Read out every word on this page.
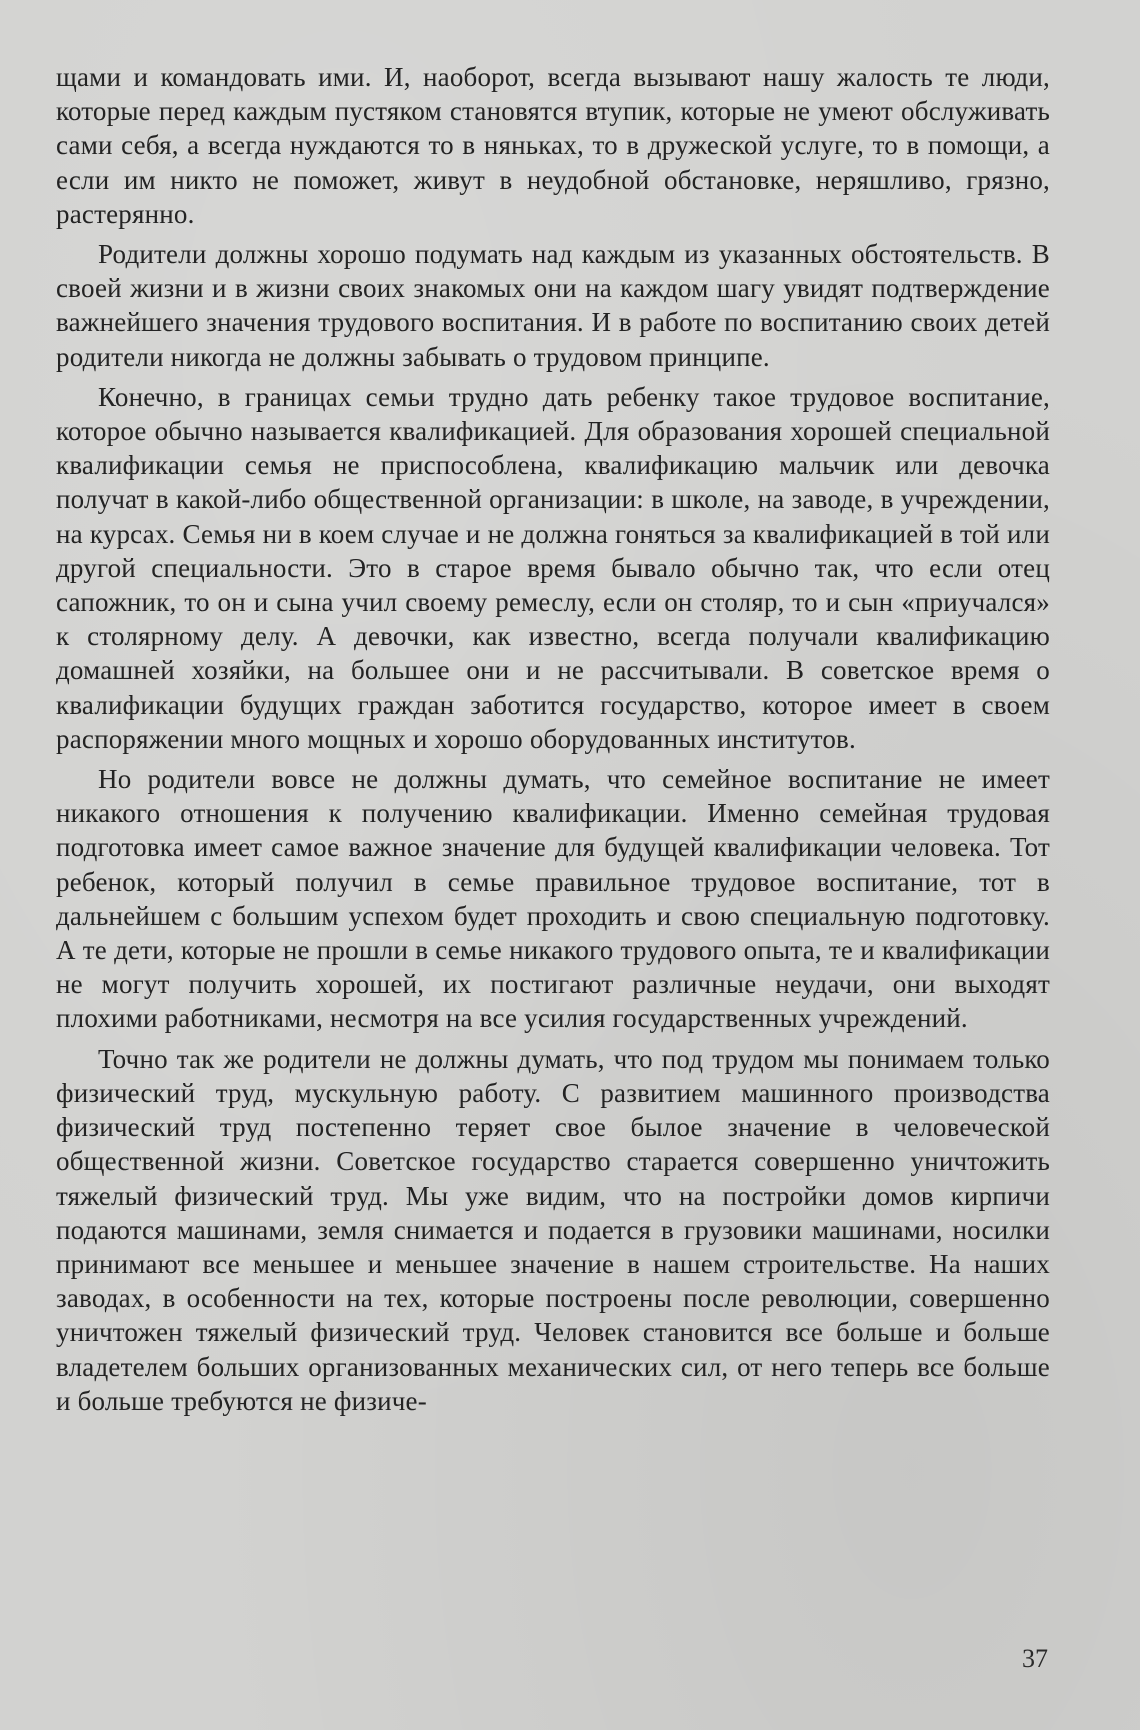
щами и командовать ими. И, наоборот, всегда вызывают нашу жалость те люди, которые перед каждым пустяком становятся втупик, которые не умеют обслуживать сами себя, а всегда нуждаются то в няньках, то в дружеской услуге, то в помощи, а если им никто не поможет, живут в неудобной обстановке, неряшливо, грязно, растерянно.

Родители должны хорошо подумать над каждым из указанных обстоятельств. В своей жизни и в жизни своих знакомых они на каждом шагу увидят подтверждение важнейшего значения трудового воспитания. И в работе по воспитанию своих детей родители никогда не должны забывать о трудовом принципе.

Конечно, в границах семьи трудно дать ребенку такое трудовое воспитание, которое обычно называется квалификацией. Для образования хорошей специальной квалификации семья не приспособлена, квалификацию мальчик или девочка получат в какой-либо общественной организации: в школе, на заводе, в учреждении, на курсах. Семья ни в коем случае и не должна гоняться за квалификацией в той или другой специальности. Это в старое время бывало обычно так, что если отец сапожник, то он и сына учил своему ремеслу, если он столяр, то и сын «приучался» к столярному делу. А девочки, как известно, всегда получали квалификацию домашней хозяйки, на большее они и не рассчитывали. В советское время о квалификации будущих граждан заботится государство, которое имеет в своем распоряжении много мощных и хорошо оборудованных институтов.

Но родители вовсе не должны думать, что семейное воспитание не имеет никакого отношения к получению квалификации. Именно семейная трудовая подготовка имеет самое важное значение для будущей квалификации человека. Тот ребенок, который получил в семье правильное трудовое воспитание, тот в дальнейшем с большим успехом будет проходить и свою специальную подготовку. А те дети, которые не прошли в семье никакого трудового опыта, те и квалификации не могут получить хорошей, их постигают различные неудачи, они выходят плохими работниками, несмотря на все усилия государственных учреждений.

Точно так же родители не должны думать, что под трудом мы понимаем только физический труд, мускульную работу. С развитием машинного производства физический труд постепенно теряет свое былое значение в человеческой общественной жизни. Советское государство старается совершенно уничтожить тяжелый физический труд. Мы уже видим, что на постройки домов кирпичи подаются машинами, земля снимается и подается в грузовики машинами, носилки принимают все меньшее и меньшее значение в нашем строительстве. На наших заводах, в особенности на тех, которые построены после революции, совершенно уничтожен тяжелый физический труд. Человек становится все больше и больше владетелем больших организованных механических сил, от него теперь все больше и больше требуются не физиче-

37
